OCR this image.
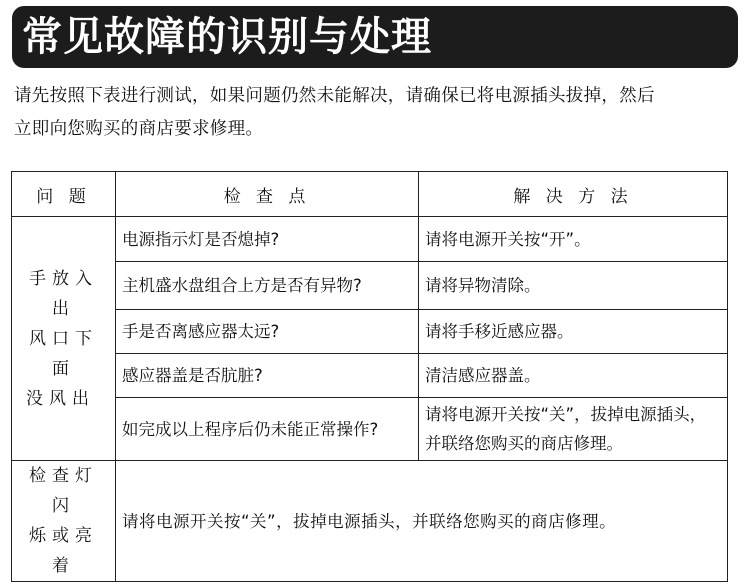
常见故障的识别与处理

请先按照下表进行测试，如果问题仍然未能解决，请确保已将电源插头拔掉，然后

立即向您购买的商店要求修理。

问 题	检 查 点	解 决 方 法

手放入出
风口下面
没风出	电源指示灯是否熄掉?	请将电源开关按“开”。
	主机盛水盘组合上方是否有异物?	请将异物清除。
	手是否离感应器太远?	请将手移近感应器。
	感应器盖是否肮脏?	清洁感应器盖。
	如完成以上程序后仍未能正常操作?	请将电源开关按“关”，拔掉电源插头，并联络您购买的商店修理。

检查灯闪
烁或亮着	请将电源开关按“关”，拔掉电源插头，并联络您购买的商店修理。	
